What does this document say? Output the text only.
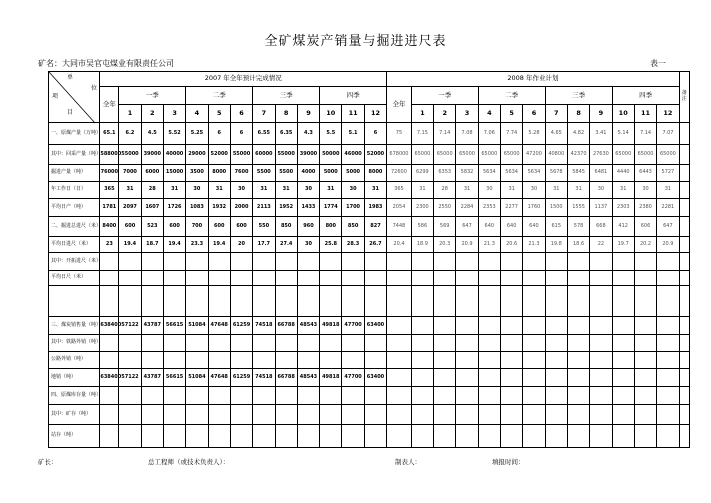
全矿煤炭产销量与掘进进尺表
矿名：大同市吴官屯煤业有限责任公司	表一
单
位
项
目	2007 年全年预计完成情况													2008 年作业计划													备注
	全年	一季			二季			三季			四季			全年	一季			二季			三季			四季			
		1	2	3	4	5	6	7	8	9	10	11	12		1	2	3	4	5	6	7	8	9	10	11	12	
一、原煤产量（万吨）	65.1	6.2	4.5	5.52	5.25	6	6	6.55	6.35	4.3	5.5	5.1	6	75	7.15	7.14	7.08	7.06	7.74	5.28	4.65	4.82	3.41	5.14	7.14	7.07	
其中：回采产量（吨）	588000	55000	39000	40000	29000	52000	55000	60000	55000	39000	50000	46000	52000	678000	65000	65000	65000	65000	65000	47200	40800	42370	27630	65000	65000	65000	
掘进产量（吨）	76000	7000	6000	15000	3500	8000	7600	5500	5500	4000	5000	5000	8000	72600	6299	6353	5832	5634	5634	5634	5678	5845	6481	4440	6443	5727	
年工作日（日）	365	31	28	31	30	31	30	31	31	30	31	30	31	365	31	28	31	30	31	30	31	31	30	31	30	31	
平均日产（吨）	1781	2097	1607	1726	1083	1932	2000	2113	1952	1433	1774	1700	1983	2054	2300	2550	2284	2353	2277	1760	1500	1555	1137	2303	2380	2281	
二、掘进总进尺（米）	8400	600	523	600	700	600	600	550	850	960	800	850	827	7448	586	569	647	640	640	640	615	578	668	412	606	647	
平均日进尺（米）	23	19.4	18.7	19.4	23.3	19.4	20	17.7	27.4	30	25.8	28.3	26.7	20.4	18.9	20.3	20.9	21.3	20.6	21.3	19.8	18.6	22	19.7	20.2	20.9	
其中：开拓进尺（米）																											
平均日尺（米）																											

三、煤炭销售量（吨）	638400	57122	43787	56615	51084	47648	61259	74518	66788	48543	49818	47700	63400														
其中：铁路外销（吨）																											
公路外销（吨）																											
地销（吨）	638400	57122	43787	56615	51084	47648	61259	74518	66788	48543	49818	47700	63400														
四、原煤库存量（吨）																											
其中：矿存（吨）																											
站存（吨）																											
矿长：	总工程师（或技术负责人）：	制表人：	填报时间：
